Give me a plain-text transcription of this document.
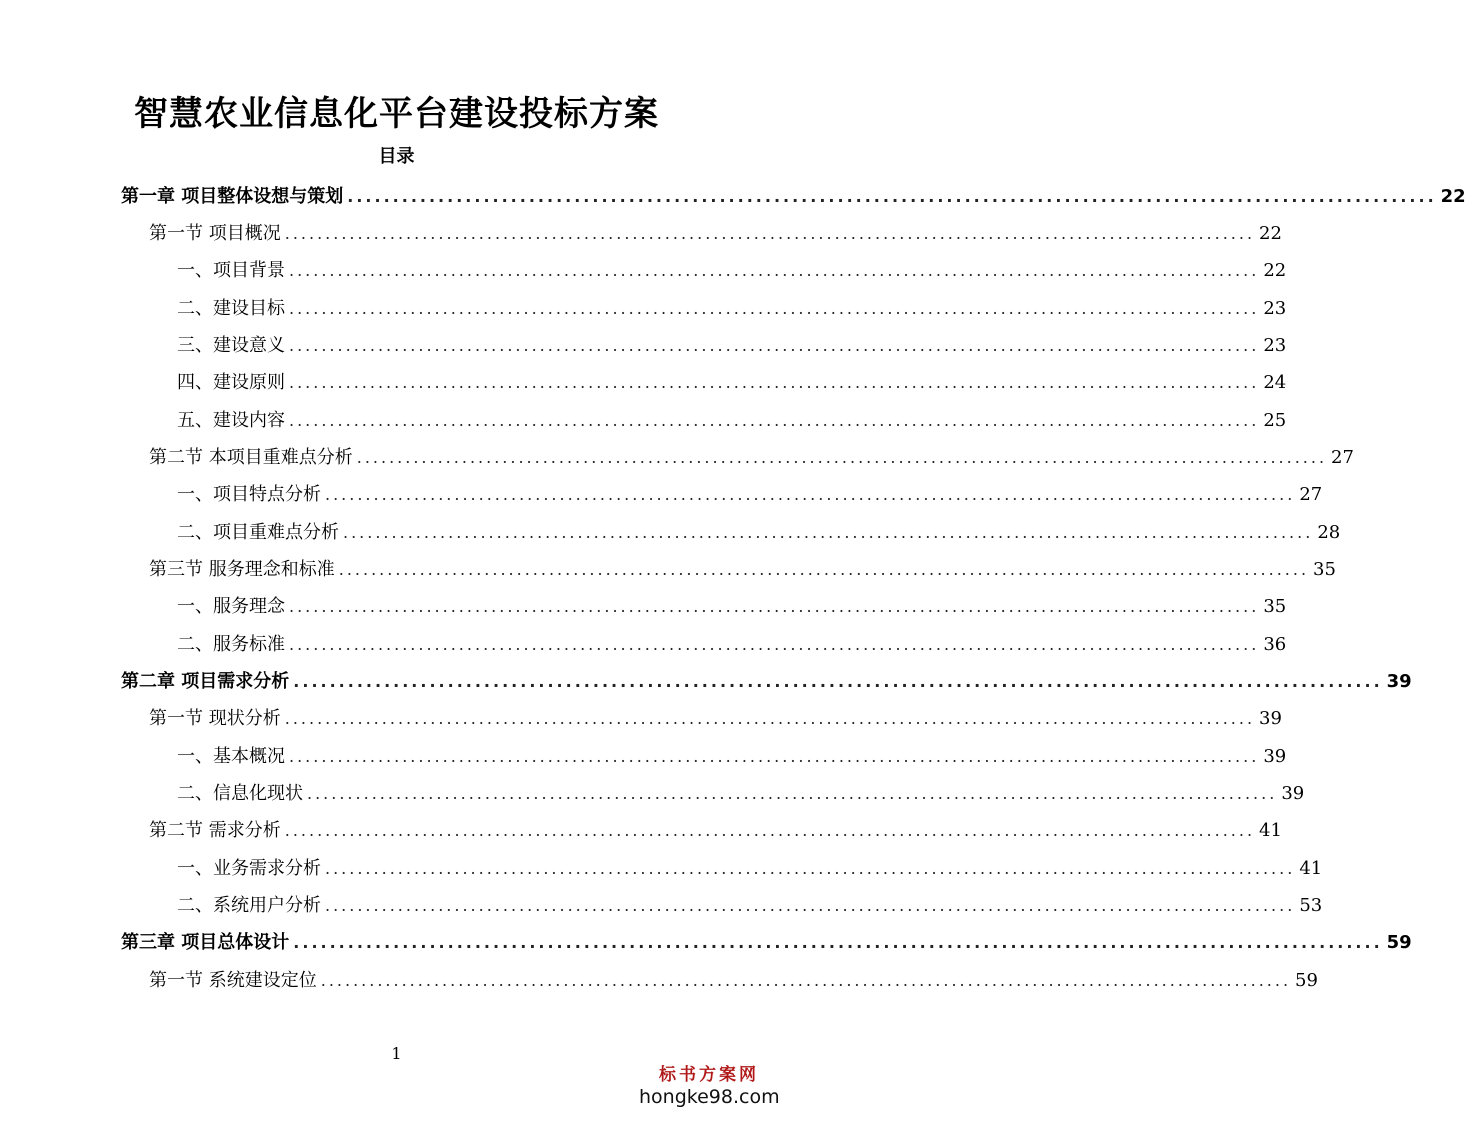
智慧农业信息化平台建设投标方案
目录
第一章 项目整体设想与策划 ........................................................................................................................ 22
第一节 项目概况 ........................................................................................................................ 22
一、项目背景 ........................................................................................................................ 22
二、建设目标 ........................................................................................................................ 23
三、建设意义 ........................................................................................................................ 23
四、建设原则 ........................................................................................................................ 24
五、建设内容 ........................................................................................................................ 25
第二节 本项目重难点分析 ........................................................................................................................ 27
一、项目特点分析 ........................................................................................................................ 27
二、项目重难点分析 ........................................................................................................................ 28
第三节 服务理念和标准 ........................................................................................................................ 35
一、服务理念 ........................................................................................................................ 35
二、服务标准 ........................................................................................................................ 36
第二章 项目需求分析 ........................................................................................................................ 39
第一节 现状分析 ........................................................................................................................ 39
一、基本概况 ........................................................................................................................ 39
二、信息化现状 ........................................................................................................................ 39
第二节 需求分析 ........................................................................................................................ 41
一、业务需求分析 ........................................................................................................................ 41
二、系统用户分析 ........................................................................................................................ 53
第三章 项目总体设计 ........................................................................................................................ 59
第一节 系统建设定位 ........................................................................................................................ 59
1
标书方案网
hongke98.com
